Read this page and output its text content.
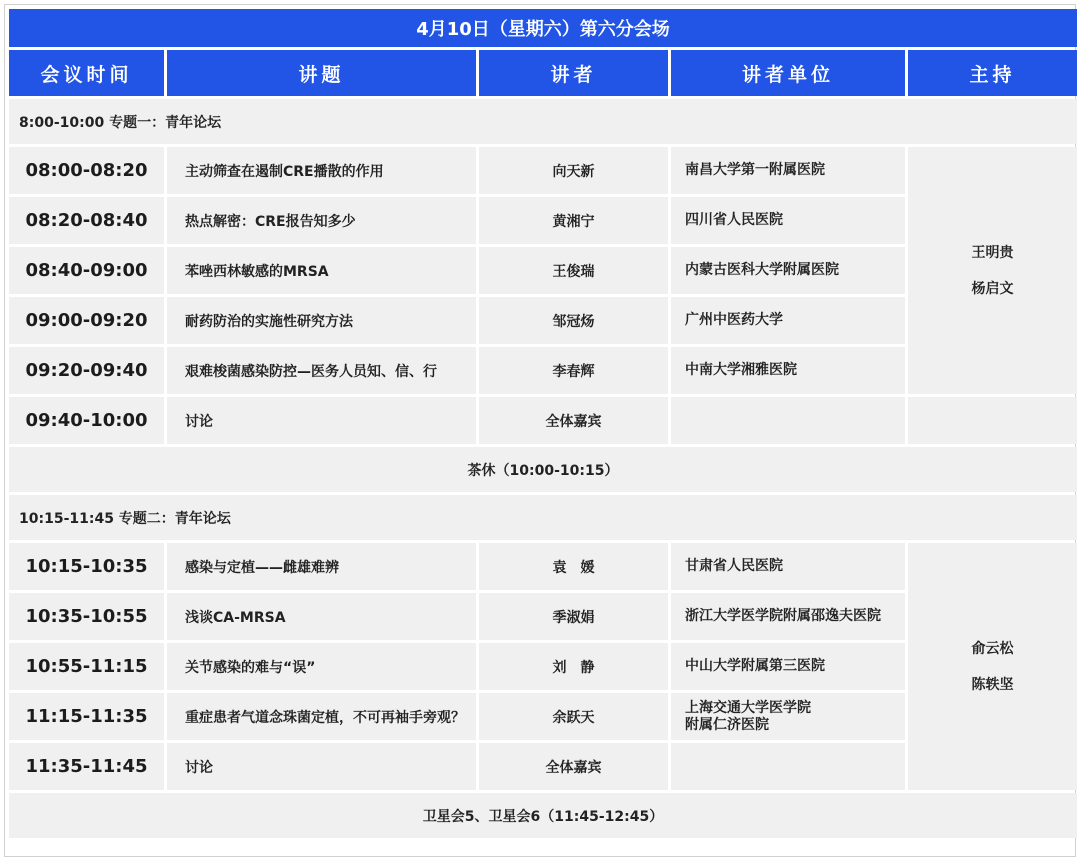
4月10日（星期六）第六分会场				
会议时间	讲题	讲者	讲者单位	主持
8:00-10:00 专题一：青年论坛				
08:00-08:20	主动筛查在遏制CRE播散的作用	向天新	南昌大学第一附属医院	王明贵
杨启文

08:20-08:40	热点解密：CRE报告知多少	黄湘宁	四川省人民医院	
08:40-09:00	苯唑西林敏感的MRSA	王俊瑞	内蒙古医科大学附属医院	
09:00-09:20	耐药防治的实施性研究方法	邹冠炀	广州中医药大学	
09:20-09:40	艰难梭菌感染防控—医务人员知、信、行	李春辉	中南大学湘雅医院	
09:40-10:00	讨论	全体嘉宾		
茶休（10:00-10:15）				
10:15-11:45 专题二：青年论坛				
10:15-10:35	感染与定植——雌雄难辨	袁　媛	甘肃省人民医院	俞云松
陈轶坚

10:35-10:55	浅谈CA-MRSA	季淑娟	浙江大学医学院附属邵逸夫医院	
10:55-11:15	关节感染的难与“误”	刘　静	中山大学附属第三医院	
11:15-11:35	重症患者气道念珠菌定植，不可再袖手旁观？	余跃天	上海交通大学医学院
附属仁济医院	

11:35-11:45	讨论	全体嘉宾		
卫星会5、卫星会6（11:45-12:45）				
